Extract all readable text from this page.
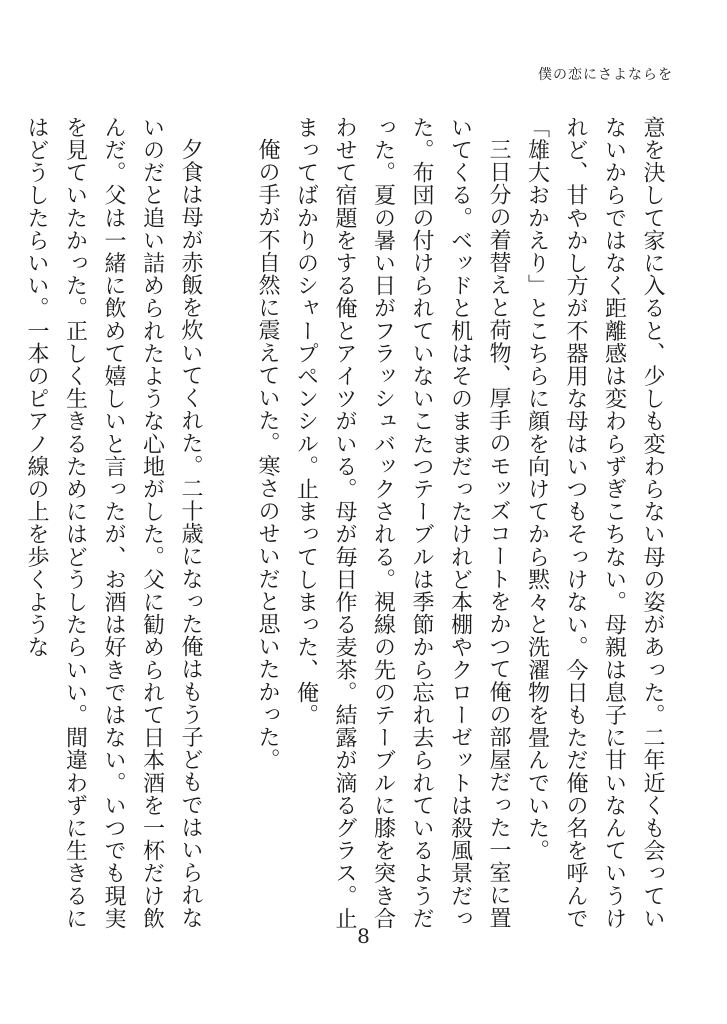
僕の恋にさよならを

意を決して家に入ると、少しも変わらない母の姿があった。二年近くも会っていないからではなく距離感は変わらずぎこちない。母親は息子に甘いなんていうけれど、甘やかし方が不器用な母はいつもそっけない。今日もただ俺の名を呼んで「雄大おかえり」とこちらに顔を向けてから黙々と洗濯物を畳んでいた。

三日分の着替えと荷物、厚手のモッズコートをかつて俺の部屋だった一室に置いてくる。ベッドと机はそのままだったけれど本棚やクローゼットは殺風景だった。布団の付けられていないこたつテーブルは季節から忘れ去られているようだった。夏の暑い日がフラッシュバックされる。視線の先のテーブルに膝を突き合わせて宿題をする俺とアイツがいる。母が毎日作る麦茶。結露が滴るグラス。止まってばかりのシャープペンシル。止まってしまった、俺。

俺の手が不自然に震えていた。寒さのせいだと思いたかった。

夕食は母が赤飯を炊いてくれた。二十歳になった俺はもう子どもではいられないのだと追い詰められたような心地がした。父に勧められて日本酒を一杯だけ飲んだ。父は一緒に飲めて嬉しいと言ったが、お酒は好きではない。いつでも現実を見ていたかった。正しく生きるためにはどうしたらいい。間違わずに生きるにはどうしたらいい。一本のピアノ線の上を歩くような

8
